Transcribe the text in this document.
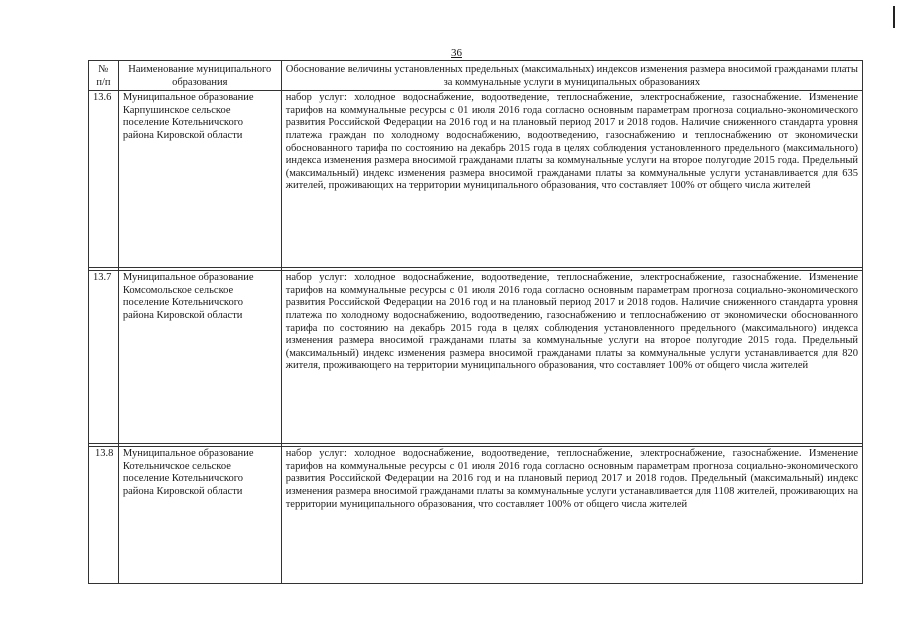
36
№ п/п	Наименование муниципального образования	Обоснование величины установленных предельных (максимальных) индексов изменения размера вносимой гражданами платы за коммунальные услуги в муниципальных образованиях
13.6	Муниципальное образование Карпушинское сельское поселение Котельничского района Кировской области	набор услуг: холодное водоснабжение, водоотведение, теплоснабжение, электроснабжение, газоснабжение. Изменение тарифов на коммунальные ресурсы с 01 июля 2016 года согласно основным параметрам прогноза социально-экономического развития Российской Федерации на 2016 год и на плановый период 2017 и 2018 годов. Наличие сниженного стандарта уровня платежа граждан по холодному водоснабжению, водоотведению, газоснабжению и теплоснабжению от экономически обоснованного тарифа по состоянию на декабрь 2015 года в целях соблюдения установленного предельного (максимального) индекса изменения размера вносимой гражданами платы за коммунальные услуги на второе полугодие 2015 года. Предельный (максимальный) индекс изменения размера вносимой гражданами платы за коммунальные услуги устанавливается для 635 жителей, проживающих на территории муниципального образования, что составляет 100% от общего числа жителей

13.7	Муниципальное образование Комсомольское сельское поселение Котельничского района Кировской области	набор услуг: холодное водоснабжение, водоотведение, теплоснабжение, электроснабжение, газоснабжение. Изменение тарифов на коммунальные ресурсы с 01 июля 2016 года согласно основным параметрам прогноза социально-экономического развития Российской Федерации на 2016 год и на плановый период 2017 и 2018 годов. Наличие сниженного стандарта уровня платежа по холодному водоснабжению, водоотведению, газоснабжению и теплоснабжению от экономически обоснованного тарифа по состоянию на декабрь 2015 года в целях соблюдения установленного предельного (максимального) индекса изменения размера вносимой гражданами платы за коммунальные услуги на второе полугодие 2015 года. Предельный (максимальный) индекс изменения размера вносимой гражданами платы за коммунальные услуги устанавливается для 820 жителя, проживающего на территории муниципального образования, что составляет 100% от общего числа жителей

13.8	Муниципальное образование Котельничское сельское поселение Котельничского района Кировской области	набор услуг: холодное водоснабжение, водоотведение, теплоснабжение, электроснабжение, газоснабжение. Изменение тарифов на коммунальные ресурсы с 01 июля 2016 года согласно основным параметрам прогноза социально-экономического развития Российской Федерации на 2016 год и на плановый период 2017 и 2018 годов. Предельный (максимальный) индекс изменения размера вносимой гражданами платы за коммунальные услуги устанавливается для 1108 жителей, проживающих на территории муниципального образования, что составляет 100% от общего числа жителей
